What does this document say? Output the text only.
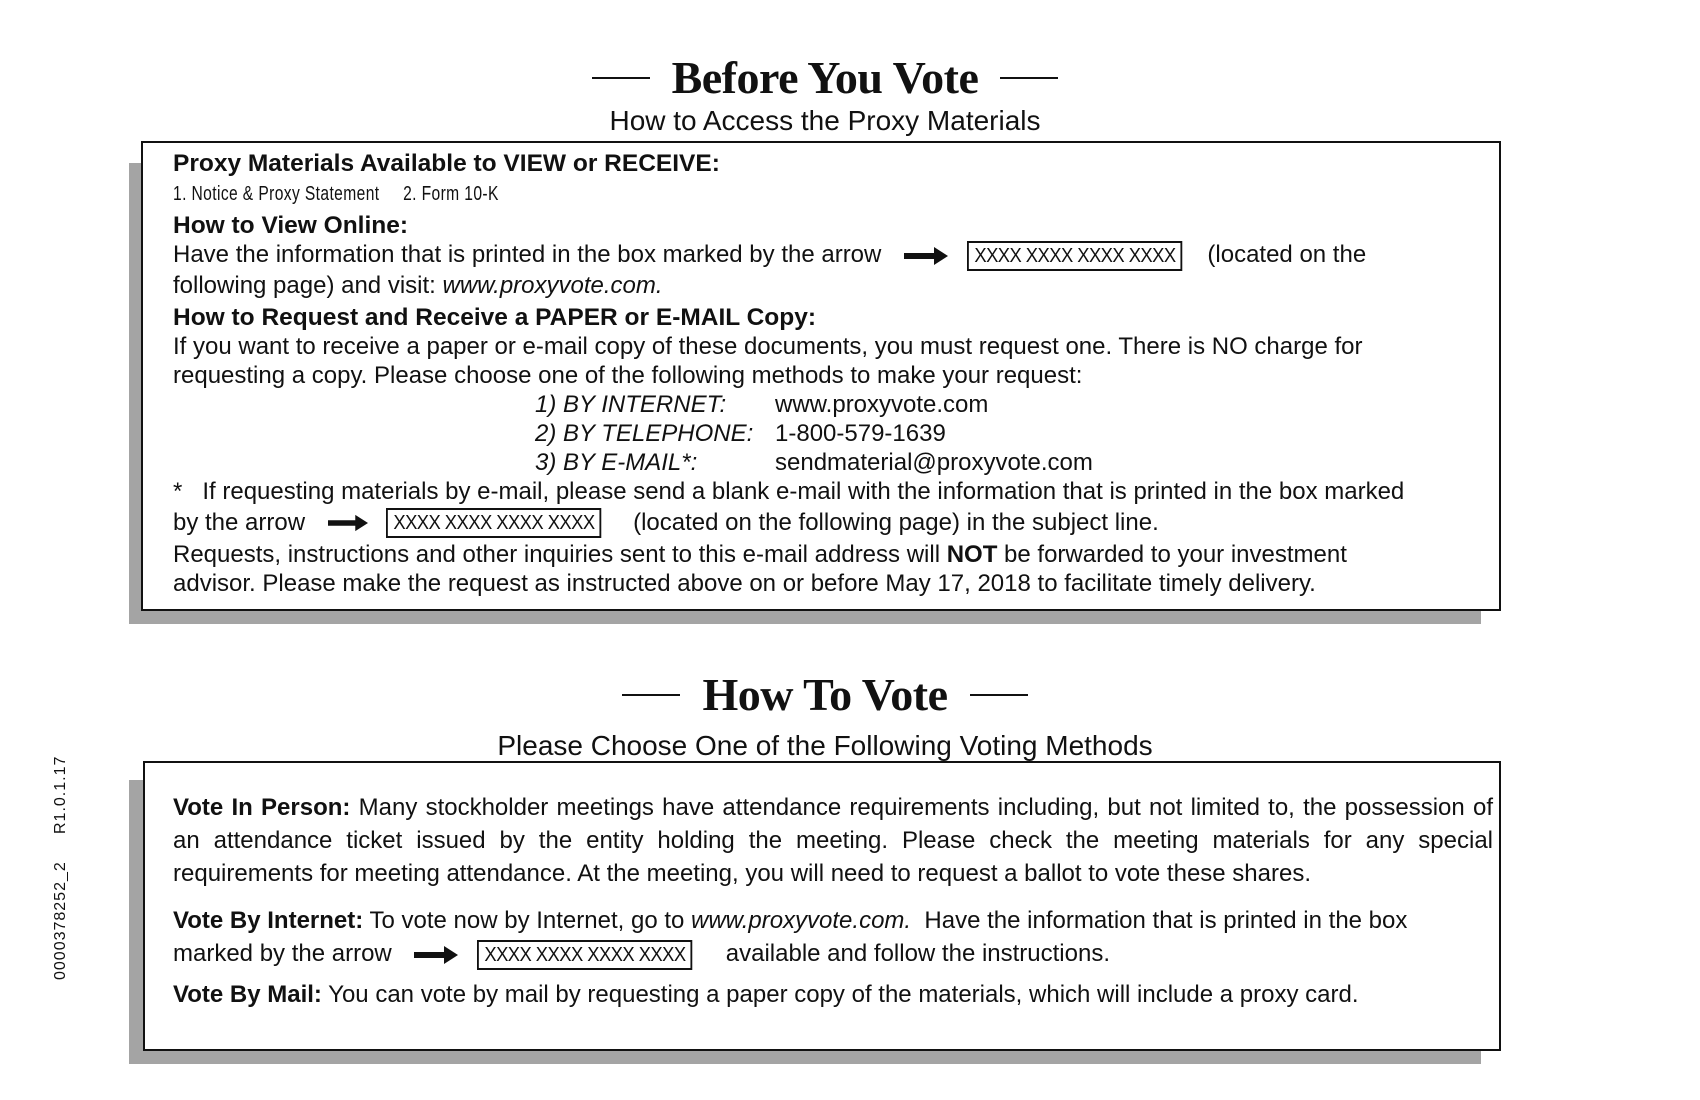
Before You Vote
How to Access the Proxy Materials
Proxy Materials Available to VIEW or RECEIVE:
1. Notice & Proxy Statement     2. Form 10-K
How to View Online:
Have the information that is printed in the box marked by the arrow	XXXX XXXX XXXX XXXX (located on the
following page) and visit: www.proxyvote.com.
How to Request and Receive a PAPER or E-MAIL Copy:
If you want to receive a paper or e-mail copy of these documents, you must request one. There is NO charge for
requesting a copy. Please choose one of the following methods to make your request:
1) BY INTERNET:	www.proxyvote.com
2) BY TELEPHONE: 1-800-579-1639
3) BY E-MAIL*:	sendmaterial@proxyvote.com
*   If requesting materials by e-mail, please send a blank e-mail with the information that is printed in the box marked
by the arrow	XXXX XXXX XXXX XXXX (located on the following page) in the subject line.
Requests, instructions and other inquiries sent to this e-mail address will NOT be forwarded to your investment
advisor. Please make the request as instructed above on or before May 17, 2018 to facilitate timely delivery.
How To Vote
Please Choose One of the Following Voting Methods
Vote In Person: Many stockholder meetings have attendance requirements including, but not limited to, the possession of an attendance ticket issued by the entity holding the meeting. Please check the meeting materials for any special requirements for meeting attendance. At the meeting, you will need to request a ballot to vote these shares.
Vote By Internet: To vote now by Internet, go to www.proxyvote.com.  Have the information that is printed in the box
marked by the arrow	XXXX XXXX XXXX XXXX available and follow the instructions.
Vote By Mail: You can vote by mail by requesting a paper copy of the materials, which will include a proxy card.
0000378252_2     R1.0.1.17
